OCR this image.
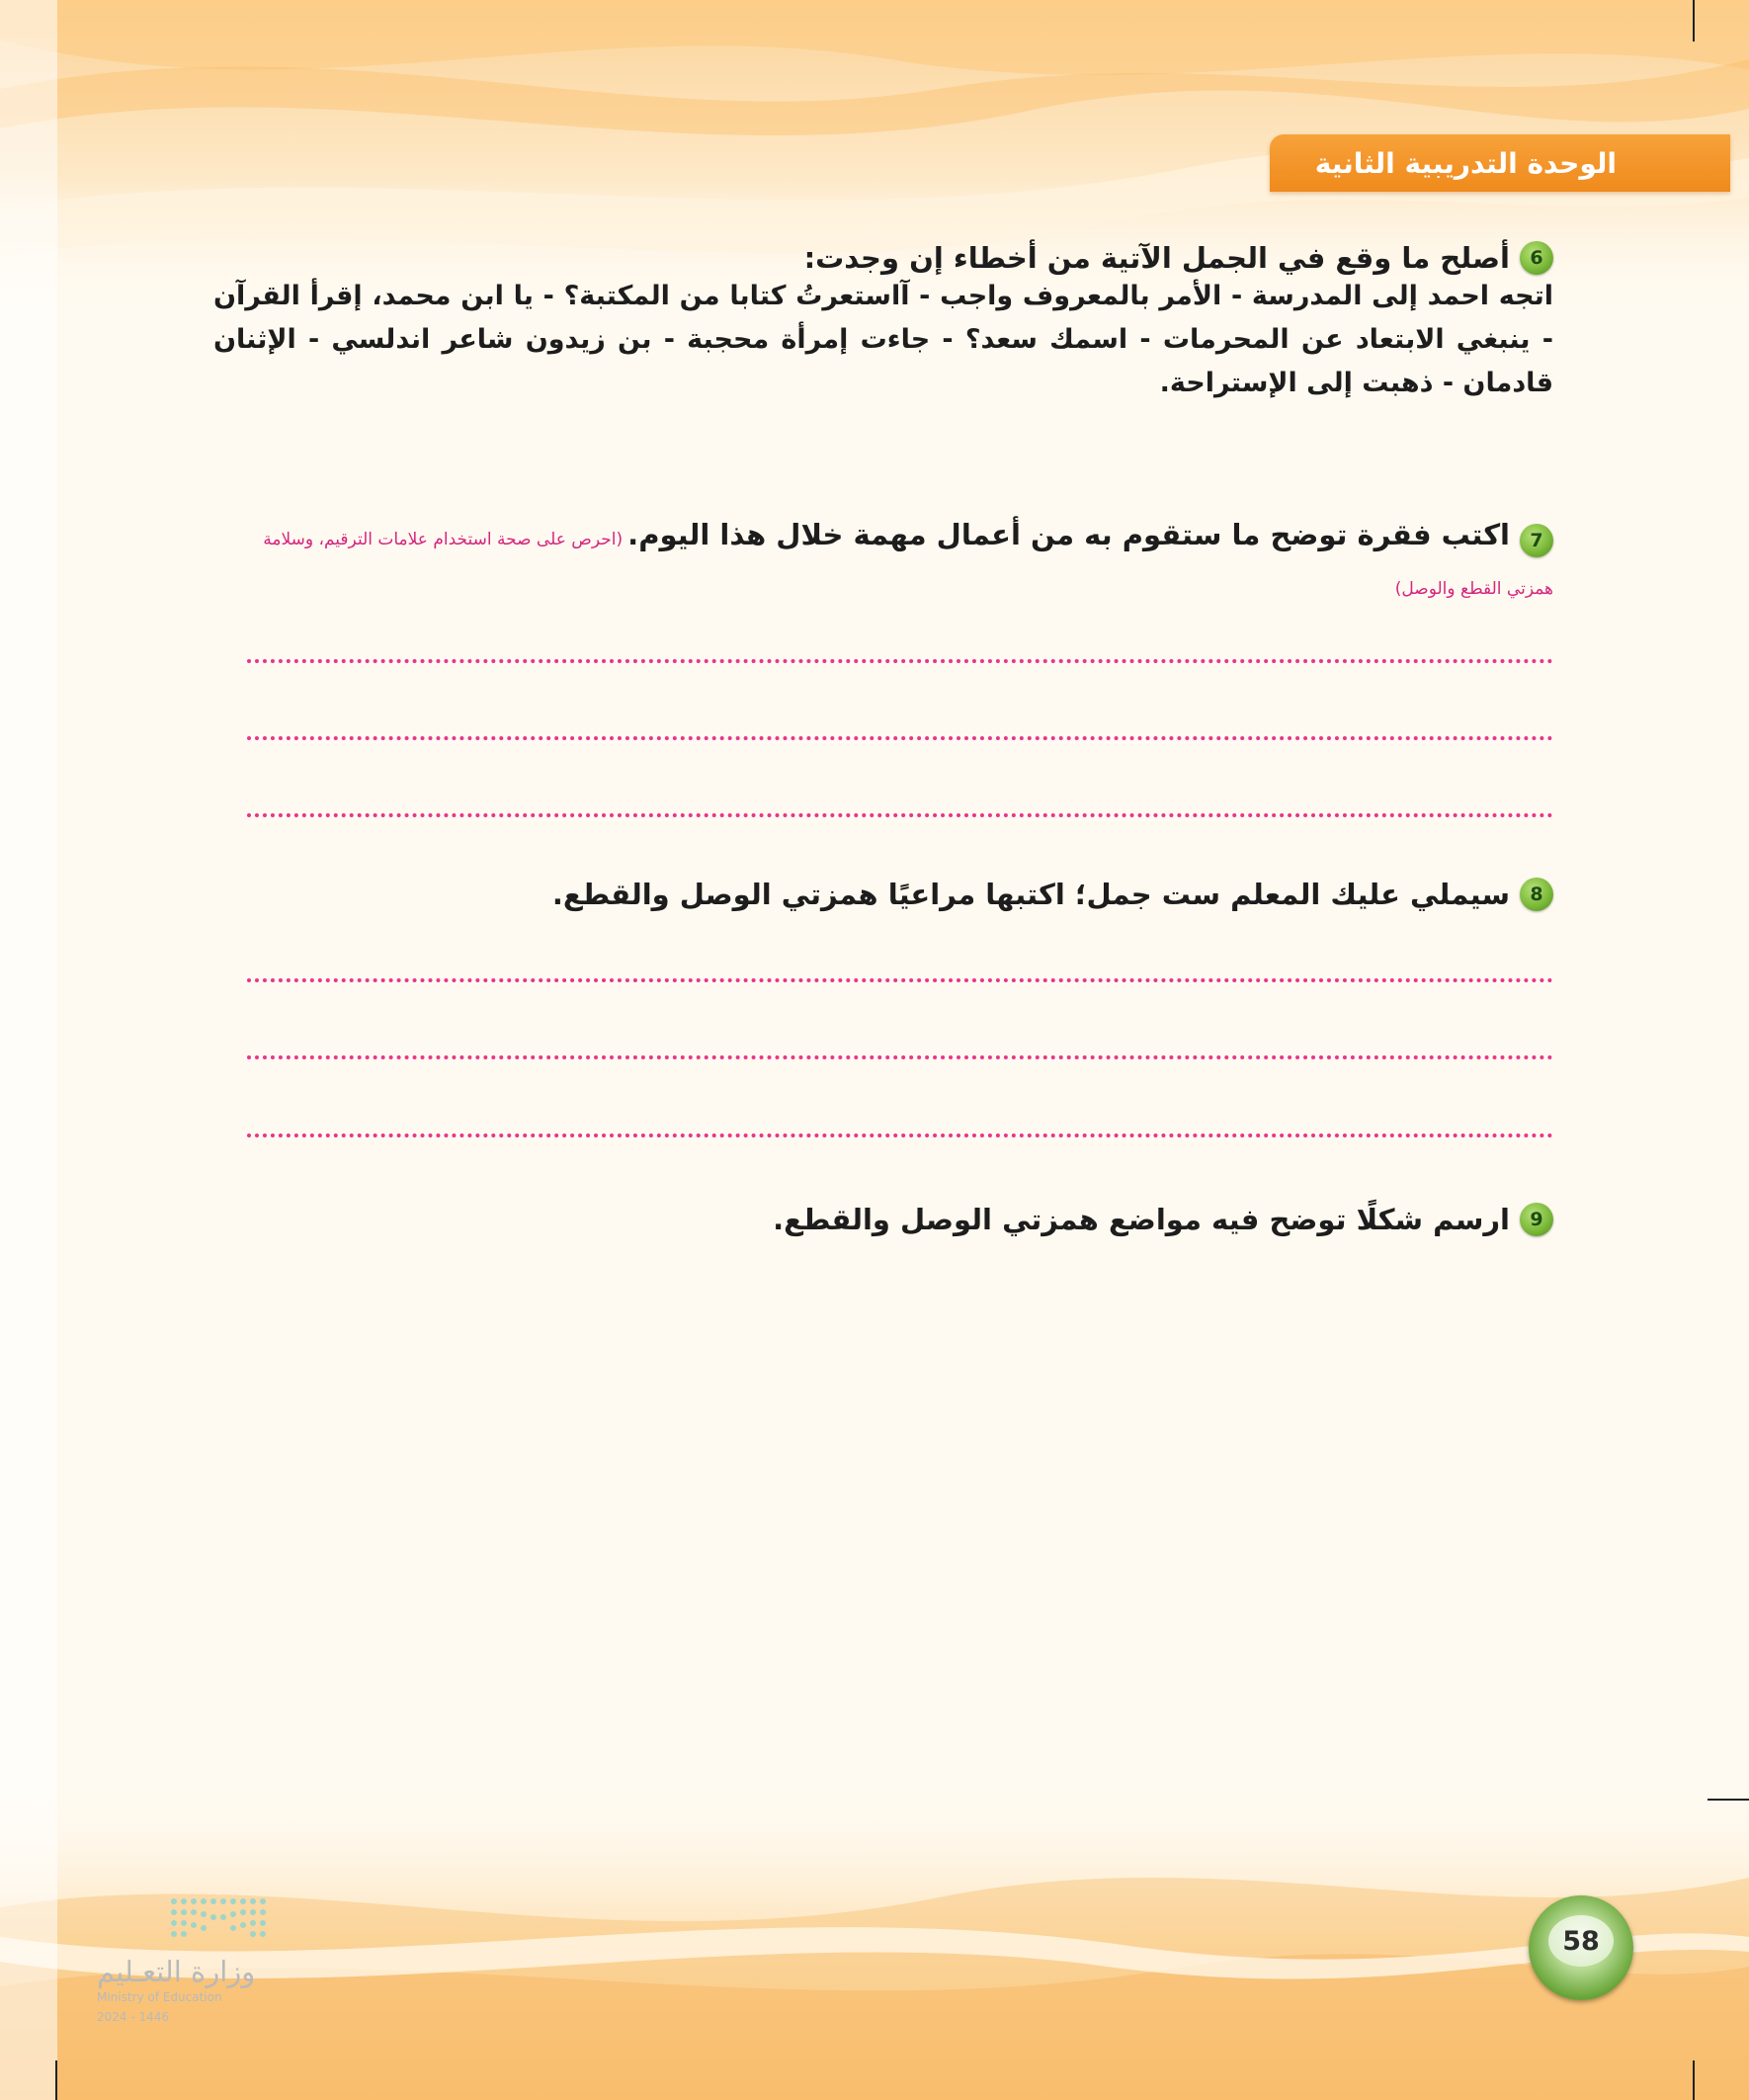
الوحدة التدريبية الثانية
6
أصلح ما وقع في الجمل الآتية من أخطاء إن وجدت:
اتجه احمد إلى المدرسة - الأمر بالمعروف واجب - آاستعرتُ كتابا من المكتبة؟ - يا ابن محمد، إقرأ القرآن - ينبغي الابتعاد عن المحرمات - اسمك سعد؟ - جاءت إمرأة محجبة - بن زيدون شاعر اندلسي - الإثنان قادمان - ذهبت إلى الإستراحة.
7اكتب فقرة توضح ما ستقوم به من أعمال مهمة خلال هذا اليوم. (احرص على صحة استخدام علامات الترقيم، وسلامة همزتي القطع والوصل)
8
سيملي عليك المعلم ست جمل؛ اكتبها مراعيًا همزتي الوصل والقطع.
9
ارسم شكلًا توضح فيه مواضع همزتي الوصل والقطع.
وزارة التعـليم
Ministry of Education
2024 - 1446
58
